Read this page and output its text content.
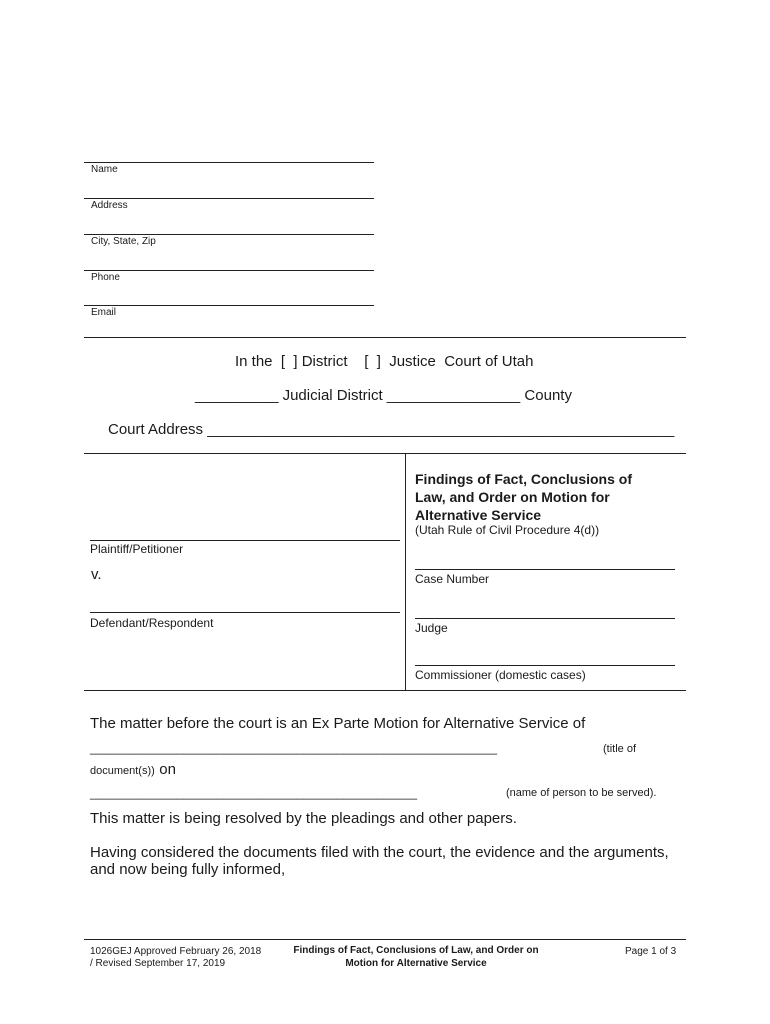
Name
Address
City, State, Zip
Phone
Email
In the  [  ] District    [  ]  Justice  Court of Utah
__________ Judicial District ________________ County
Court Address ________________________________________________________
Plaintiff/Petitioner
v.
Defendant/Respondent
Findings of Fact, Conclusions of
Law, and Order on Motion for
Alternative Service
(Utah Rule of Civil Procedure 4(d))
Case Number
Judge
Commissioner (domestic cases)
The matter before the court is an Ex Parte Motion for Alternative Service of
_____________________________________________________________	(title of
document(s)) on
_________________________________________________	(name of person to be served).
This matter is being resolved by the pleadings and other papers.
Having considered the documents filed with the court, the evidence and the arguments,
and now being fully informed,
1026GEJ Approved February 26, 2018
/ Revised September 17, 2019
Findings of Fact, Conclusions of Law, and Order on
Motion for Alternative Service
Page 1 of 3
